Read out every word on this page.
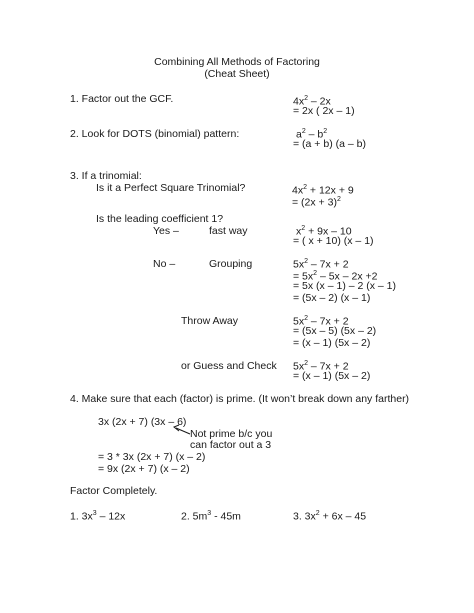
Combining All Methods of Factoring
(Cheat Sheet)
1. Factor out the GCF.	$4x^2 - 2x$
= 2x ( 2x – 1)
2. Look for DOTS (binomial) pattern:	$a^2 - b^2$
= (a + b) (a – b)
3. If a trinomial:
Is it a Perfect Square Trinomial?	$4x^2 + 12x + 9$
= $(2x + 3)^2$
Is the leading coefficient 1?
Yes –	fast way	$x^2 + 9x - 10$
= ( x + 10) (x – 1)
No –	Grouping	$5x^2 - 7x + 2$
= $5x^2 - 5x - 2x +2$
= 5x (x – 1) – 2 (x – 1)
= (5x – 2) (x – 1)
Throw Away	$5x^2 - 7x + 2$
= (5x – 5) (5x – 2)
= (x – 1) (5x – 2)
or Guess and Check $5x^2 - 7x + 2$
= (x – 1) (5x – 2)
4. Make sure that each (factor) is prime. (It won’t break down any farther)
3x (2x + 7) (3x – 6)
Not prime b/c you
can factor out a 3
= 3 * 3x (2x + 7) (x – 2)
= 9x (2x + 7) (x – 2)
Factor Completely.
1. $3x^3 - 12x$	2. $5m^3 - 45m$	3. $3x^2 + 6x - 45$
